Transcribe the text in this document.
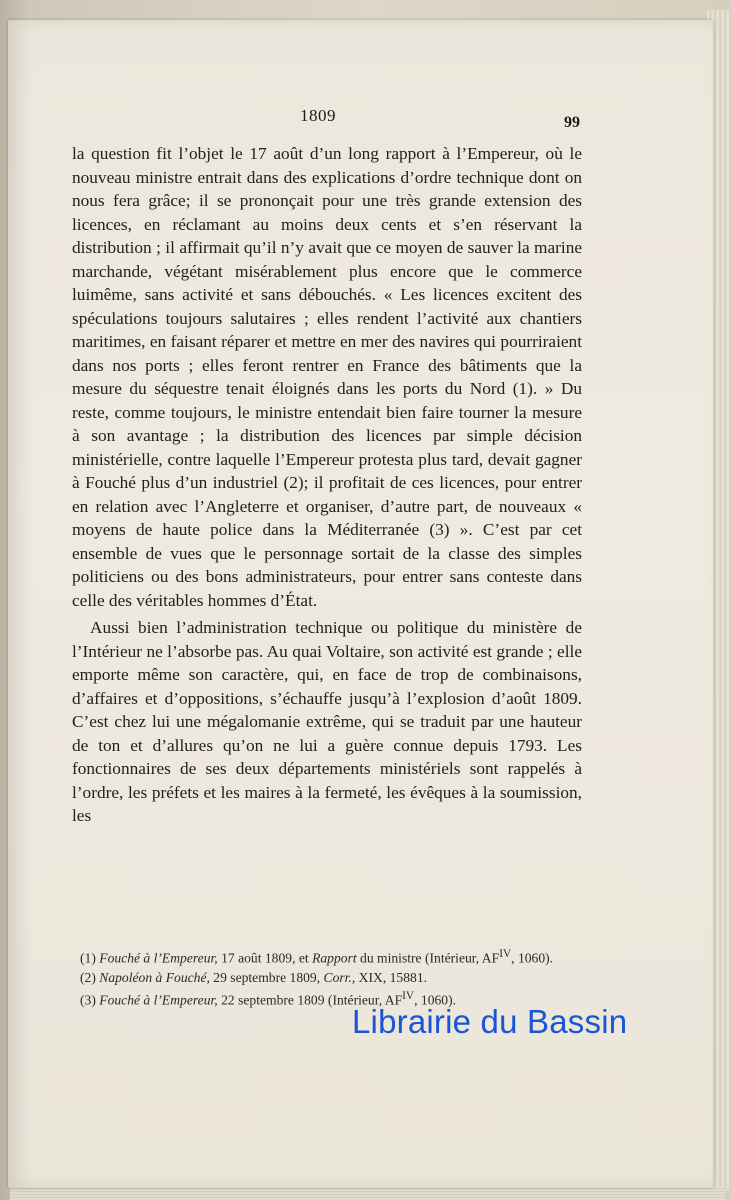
1809	99

la question fit l’objet le 17 août d’un long rapport à l’Empereur, où le nouveau ministre entrait dans des explications d’ordre technique dont on nous fera grâce; il se prononçait pour une très grande extension des licences, en réclamant au moins deux cents et s’en réservant la distribution ; il affirmait qu’il n’y avait que ce moyen de sauver la marine marchande, végétant misérablement plus encore que le commerce luimême, sans activité et sans débouchés. « Les licences excitent des spéculations toujours salutaires ; elles rendent l’activité aux chantiers maritimes, en faisant réparer et mettre en mer des navires qui pourriraient dans nos ports ; elles feront rentrer en France des bâtiments que la mesure du séquestre tenait éloignés dans les ports du Nord (1). » Du reste, comme toujours, le ministre entendait bien faire tourner la mesure à son avantage ; la distribution des licences par simple décision ministérielle, contre laquelle l’Empereur protesta plus tard, devait gagner à Fouché plus d’un industriel (2); il profitait de ces licences, pour entrer en relation avec l’Angleterre et organiser, d’autre part, de nouveaux « moyens de haute police dans la Méditerranée (3) ». C’est par cet ensemble de vues que le personnage sortait de la classe des simples politiciens ou des bons administrateurs, pour entrer sans conteste dans celle des véritables hommes d’État.

Aussi bien l’administration technique ou politique du ministère de l’Intérieur ne l’absorbe pas. Au quai Voltaire, son activité est grande ; elle emporte même son caractère, qui, en face de trop de combinaisons, d’affaires et d’oppositions, s’échauffe jusqu’à l’explosion d’août 1809. C’est chez lui une mégalomanie extrême, qui se traduit par une hauteur de ton et d’allures qu’on ne lui a guère connue depuis 1793. Les fonctionnaires de ses deux départements ministériels sont rappelés à l’ordre, les préfets et les maires à la fermeté, les évêques à la soumission, les

(1) Fouché à l’Empereur, 17 août 1809, et Rapport du ministre (Intérieur, $AF^{IV}$, 1060).

(2) Napoléon à Fouché, 29 septembre 1809, Corr., XIX, 15881.

(3) Fouché à l’Empereur, 22 septembre 1809 (Intérieur, $AF^{IV}$, 1060).

Librairie du Bassin
